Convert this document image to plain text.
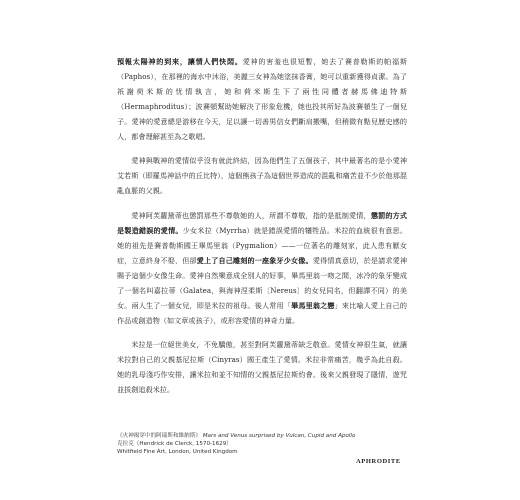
預報太陽神的到來，讓情人們快悶。愛神的害羞也很短暫，她去了賽普勒斯的帕福斯（Paphos），在那裡的海水中沐浴，美麗三女神為她塗抹香膏，她可以重新獲得貞潔。為了祇謝荷米斯的忧情執言，她和荷米斯生下了兩性同體者赫馬佛迪特斯（Hermaphroditus）；波賽頓幫助她解決了形象危機，她也投其所好為波賽頓生了一個兒子。愛神的愛意總是游移在今天，足以讓一切善男信女們斷肩搬嘴，但稍微有點兒歷史感的人，都會理解甚至為之歌唱。

愛神與戰神的愛情似乎沒有就此終結，因為他們生了五個孩子，其中最著名的是小愛神艾若斯（即羅馬神話中的丘比特），這個熊孩子為這個世界造成的混亂和痛苦並不少於他那混亂血脈的父親。

愛神阿芙蘿黛蒂也懲罰那些不尊敬她的人，所謂不尊敬，指的是抵制愛情，懲罰的方式是製造錯誤的愛情。少女米拉（Myrrha）就是錯誤愛情的犧牲品。米拉的血統很有意思。她的祖先是賽普勒斯國王畢馬里翁（Pygmalion）——一位著名的雕刻家，此人患有厭女症，立意終身不娶，但卻愛上了自己雕刻的一座象牙少女像。愛得情真意切，於是請求愛神賜予這個少女像生命。愛神自然樂意成全別人的好事，畢馬里翁一吻之間，冰冷的象牙變成了一個名叫嘉拉蒂（Galatea，與海神涅柔斯〔Nereus〕的女兒同名，但翻譯不同）的美女。兩人生了一個女兒，即是米拉的祖母。後人常用「畢馬里翁之戀」來比喻人愛上自己的作品或創造物（如文章或孩子），或形容愛情的神奇力量。

米拉是一位絕世美女，不免驕傲，甚至對阿芙蘿黛蒂缺乏敬意。愛情女神很生氣，就讓米拉對自己的父親基尼拉斯（Cinyras）國王產生了愛情。米拉非常痛苦，幾乎為此自殺。她的乳母淺巧作安排，讓米拉和並不知情的父親基尼拉斯約會。後來父親發現了隱情，遊咒並拔劍追殺米拉。

《火神揭穿中的阿瑞斯和維納斯》 Mars and Venus surprised by Vulcan, Cupid and Apollo
克拉克（Hendrick de Clerck, 1570-1629）
Whitfield Fine Art, London, United Kingdom
APHRODITE
